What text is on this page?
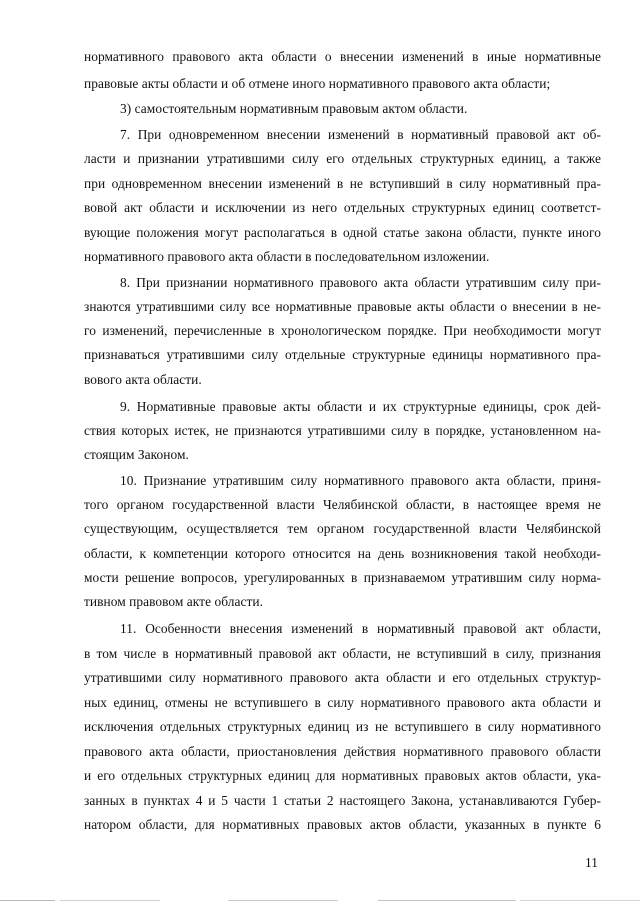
нормативного правового акта области о внесении изменений в иные нормативные
правовые акты области и об отмене иного нормативного правового акта области;
3) самостоятельным нормативным правовым актом области.
7. При одновременном внесении изменений в нормативный правовой акт об-
ласти и признании утратившими силу его отдельных структурных единиц, а также
при одновременном внесении изменений в не вступивший в силу нормативный пра-
вовой акт области и исключении из него отдельных структурных единиц соответст-
вующие положения могут располагаться в одной статье закона области, пункте иного
нормативного правового акта области в последовательном изложении.
8. При признании нормативного правового акта области утратившим силу при-
знаются утратившими силу все нормативные правовые акты области о внесении в не-
го изменений, перечисленные в хронологическом порядке. При необходимости могут
признаваться утратившими силу отдельные структурные единицы нормативного пра-
вового акта области.
9. Нормативные правовые акты области и их структурные единицы, срок дей-
ствия которых истек, не признаются утратившими силу в порядке, установленном на-
стоящим Законом.
10. Признание утратившим силу нормативного правового акта области, приня-
того органом государственной власти Челябинской области, в настоящее время не
существующим, осуществляется тем органом государственной власти Челябинской
области, к компетенции которого относится на день возникновения такой необходи-
мости решение вопросов, урегулированных в признаваемом утратившим силу норма-
тивном правовом акте области.
11. Особенности внесения изменений в нормативный правовой акт области,
в том числе в нормативный правовой акт области, не вступивший в силу, признания
утратившими силу нормативного правового акта области и его отдельных структур-
ных единиц, отмены не вступившего в силу нормативного правового акта области и
исключения отдельных структурных единиц из не вступившего в силу нормативного
правового акта области, приостановления действия нормативного правового области
и его отдельных структурных единиц для нормативных правовых актов области, ука-
занных в пунктах 4 и 5 части 1 статьи 2 настоящего Закона, устанавливаются Губер-
натором области, для нормативных правовых актов области, указанных в пункте 6
11
